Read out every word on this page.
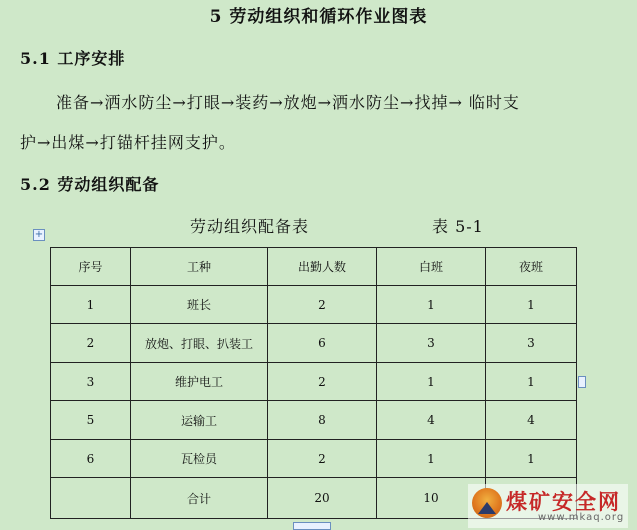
5 劳动组织和循环作业图表
5.1 工序安排
准备→洒水防尘→打眼→装药→放炮→洒水防尘→找掉→ 临时支
护→出煤→打锚杆挂网支护。
5.2 劳动组织配备
劳动组织配备表	表 5-1
+
序号	工种	出勤人数	白班	夜班
1	班长	2	1	1
2	放炮、打眼、扒装工	6	3	3
3	维护电工	2	1	1
5	运输工	8	4	4
6	瓦检员	2	1	1
	合计	20	10		煤矿安全网
www.mkaq.org
